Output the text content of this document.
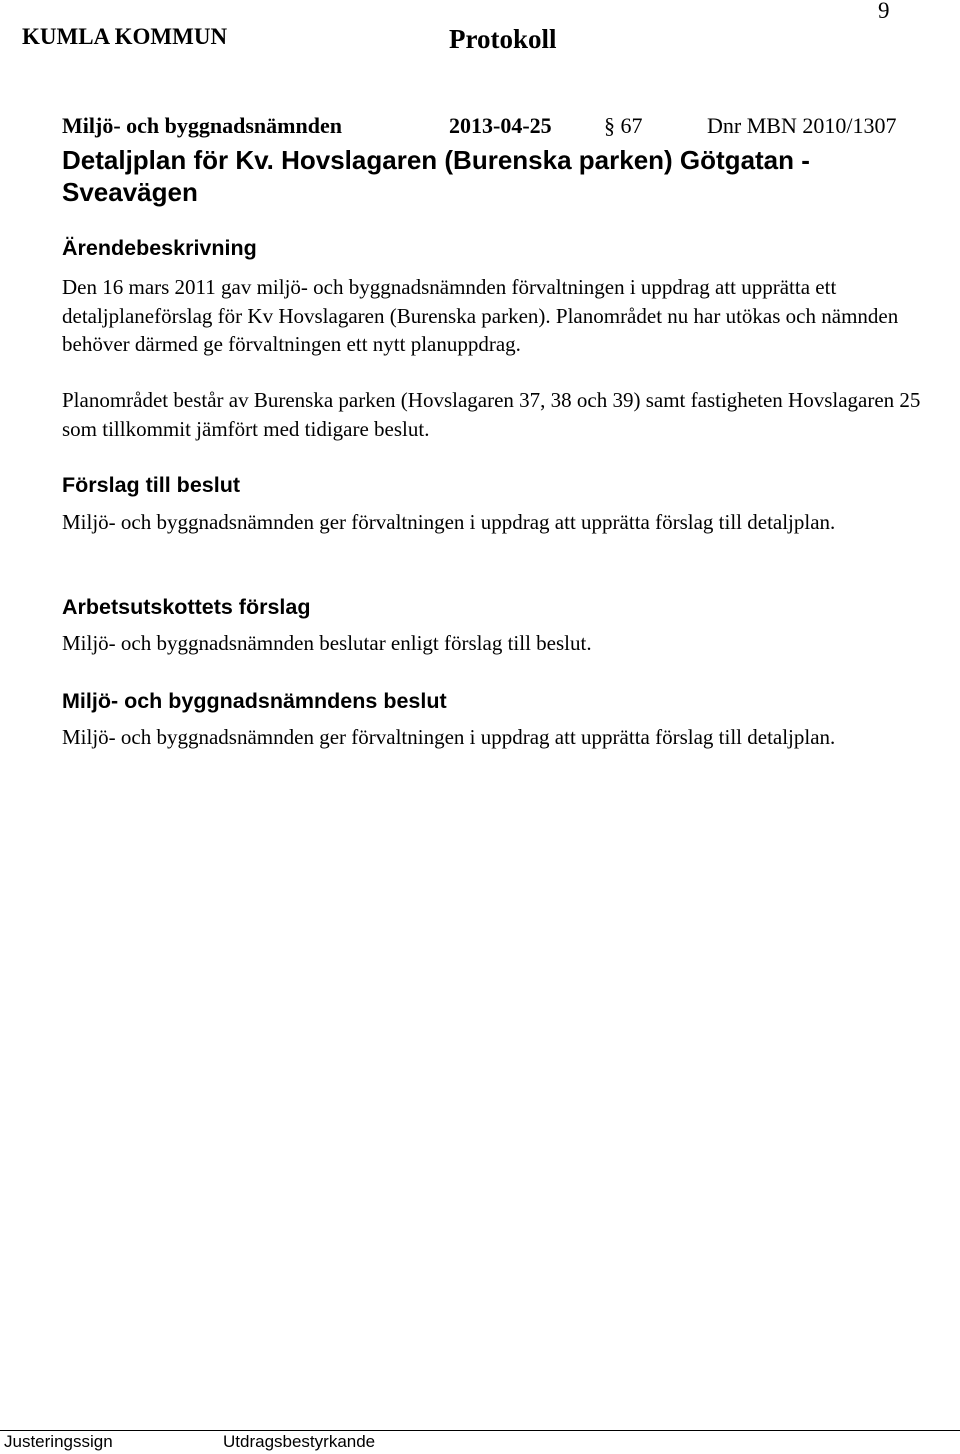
KUMLA KOMMUN	Protokoll
9
Miljö- och byggnadsnämnden	2013-04-25 § 67	Dnr MBN 2010/1307
Detaljplan för Kv. Hovslagaren (Burenska parken) Götgatan - Sveavägen
Ärendebeskrivning
Den 16 mars 2011 gav miljö- och byggnadsnämnden förvaltningen i uppdrag att upprätta ett detaljplaneförslag för Kv Hovslagaren (Burenska parken). Planområdet nu har utökas och nämnden behöver därmed ge förvaltningen ett nytt planuppdrag.
Planområdet består av Burenska parken (Hovslagaren 37, 38 och 39) samt fastigheten Hovslagaren 25 som tillkommit jämfört med tidigare beslut.
Förslag till beslut
Miljö- och byggnadsnämnden ger förvaltningen i uppdrag att upprätta förslag till detaljplan.
Arbetsutskottets förslag
Miljö- och byggnadsnämnden beslutar enligt förslag till beslut.
Miljö- och byggnadsnämndens beslut
Miljö- och byggnadsnämnden ger förvaltningen i uppdrag att upprätta förslag till detaljplan.
Justeringssign	Utdragsbestyrkande
